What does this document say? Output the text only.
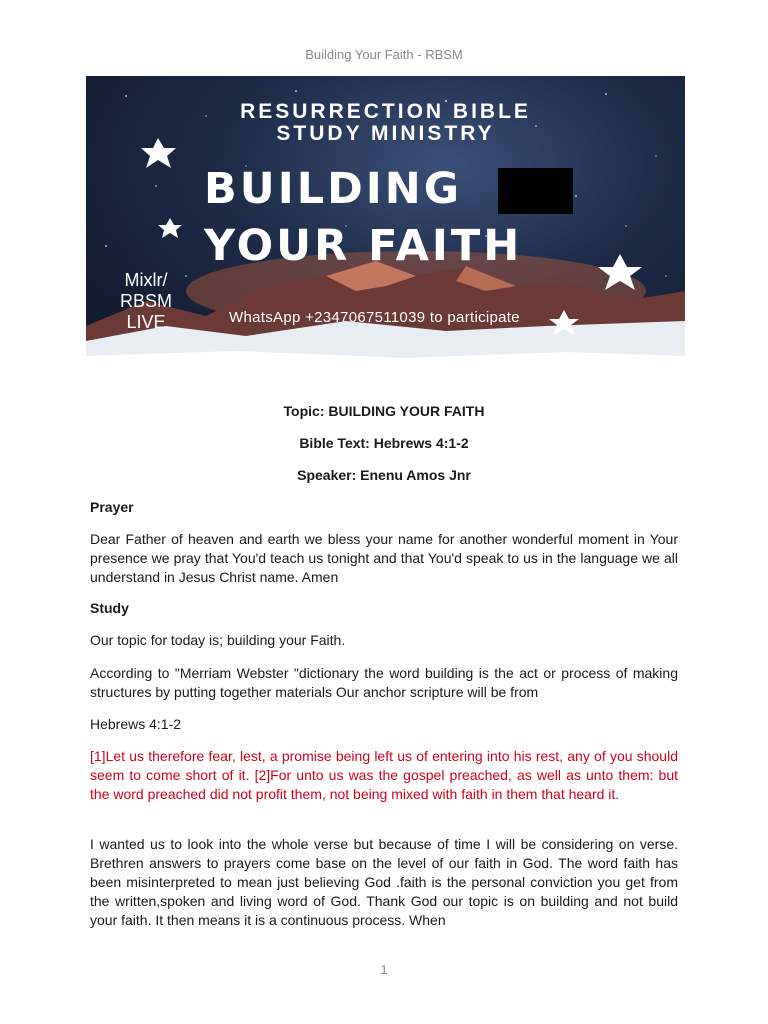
Building Your Faith - RBSM
RESURRECTION BIBLE
STUDY MINISTRY
BUILDING
YOUR FAITH
Mixlr/
RBSM
LIVE	WhatsApp +2347067511039 to participate
Topic: BUILDING YOUR FAITH
Bible Text: Hebrews 4:1-2
Speaker: Enenu Amos Jnr
Prayer

Dear Father of heaven and earth we bless your name for another wonderful moment in Your presence we pray that You'd teach us tonight and that You'd speak to us in the language we all understand in Jesus Christ name. Amen

Study

Our topic for today is; building your Faith.

According to "Merriam Webster "dictionary the word building is the act or process of making structures by putting together materials Our anchor scripture will be from

Hebrews 4:1-2

[1]Let us therefore fear, lest, a promise being left us of entering into his rest, any of you should seem to come short of it. [2]For unto us was the gospel preached, as well as unto them: but the word preached did not profit them, not being mixed with faith in them that heard it.

I wanted us to look into the whole verse but because of time I will be considering on verse. Brethren answers to prayers come base on the level of our faith in God. The word faith has been misinterpreted to mean just believing God .faith is the personal conviction you get from the written,spoken and living word of God. Thank God our topic is on building and not build your faith. It then means it is a continuous process. When

1
